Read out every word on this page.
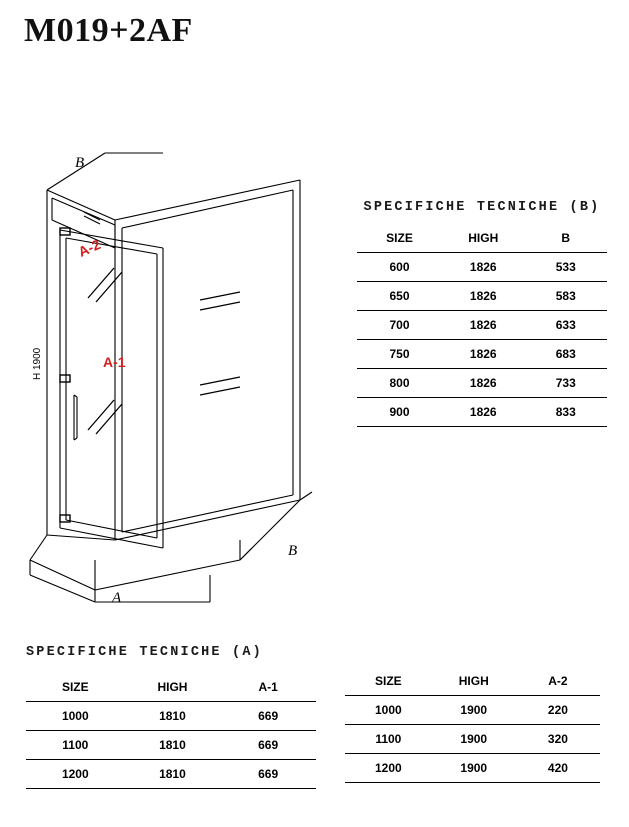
M019+2AF
B
B
A
H 1900	A-1
A-2
SPECIFICHE TECNICHE (B)
SIZE	HIGH	B
600	1826	533
650	1826	583
700	1826	633
750	1826	683
800	1826	733
900	1826	833
SPECIFICHE TECNICHE (A)
SIZE	HIGH	A-1
1000	1810	669
1100	1810	669
1200	1810	669
SIZE	HIGH	A-2
1000	1900	220
1100	1900	320
1200	1900	420
